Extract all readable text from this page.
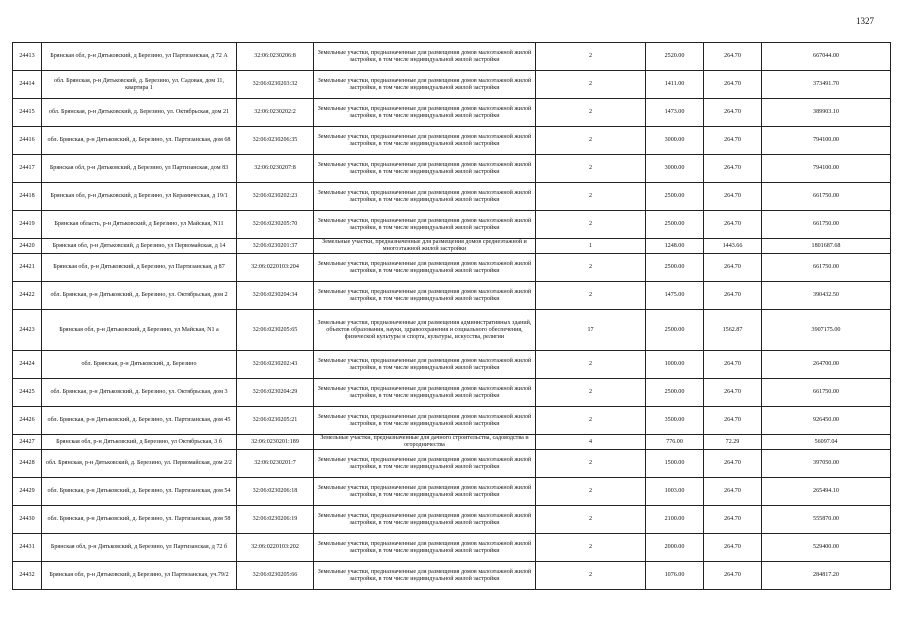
1327
24413	Брянская обл, р-н Дятьковский, д Березино, ул Партизанская, д 72 А	32:06:0230206:8	Земельные участки, предназначенные для размещения домов малоэтажной жилой застройки, в том числе индивидуальной жилой застройки	2	2520.00	264.70	667044.00
24414	обл. Брянская, р-н Дятьковский, д. Березино, ул. Садовая, дом 11, квартира 1	32:06:0230203:32	Земельные участки, предназначенные для размещения домов малоэтажной жилой застройки, в том числе индивидуальной жилой застройки	2	1411.00	264.70	373491.70
24415	обл. Брянская, р-н Дятьковский, д. Березино, ул. Октябрьская, дом 21	32:06:0230202:2	Земельные участки, предназначенные для размещения домов малоэтажной жилой застройки, в том числе индивидуальной жилой застройки	2	1473.00	264.70	389903.10
24416	обл. Брянская, р-н Дятьковский, д. Березино, ул. Партизанская, дом 68	32:06:0230206:35	Земельные участки, предназначенные для размещения домов малоэтажной жилой застройки, в том числе индивидуальной жилой застройки	2	3000.00	264.70	794100.00
24417	Брянская обл, р-н Дятьковский, д Березино, ул Партизанская, дом 83	32:06:0230207:8	Земельные участки, предназначенные для размещения домов малоэтажной жилой застройки, в том числе индивидуальной жилой застройки	2	3000.00	264.70	794100.00
24418	Брянская обл, р-н Дятьковский, д Березино, ул Керамическая, д 19/1	32:06:0230202:23	Земельные участки, предназначенные для размещения домов малоэтажной жилой застройки, в том числе индивидуальной жилой застройки	2	2500.00	264.70	661750.00
24419	Брянская область, р-н Дятьковский, д Березино, ул Майская, N11	32:06:0230205:70	Земельные участки, предназначенные для размещения домов малоэтажной жилой застройки, в том числе индивидуальной жилой застройки	2	2500.00	264.70	661750.00
24420	Брянская обл, р-н Дятьковский, д Березино, ул Первомайская, д 14	32:06:0230201:37	Земельные участки, предназначенные для размещения домов среднеэтажной и многоэтажной жилой застройки	1	1248.00	1443.66	1801687.68
24421	Брянская обл, р-н Дятьковский, д Березино, ул Партизанская, д 87	32:06:0220103:204	Земельные участки, предназначенные для размещения домов малоэтажной жилой застройки, в том числе индивидуальной жилой застройки	2	2500.00	264.70	661750.00
24422	обл. Брянская, р-н Дятьковский, д. Березино, ул. Октябрьская, дом 2	32:06:0230204:34	Земельные участки, предназначенные для размещения домов малоэтажной жилой застройки, в том числе индивидуальной жилой застройки	2	1475.00	264.70	390432.50
24423	Брянская обл, р-н Дятьковский, д Березино, ул Майская, N1 а	32:06:0230205:65	Земельные участки, предназначенные для размещения административных зданий, объектов образования, науки, здравоохранения и социального обеспечения, физической культуры и спорта, культуры, искусства, религии	17	2500.00	1562.87	3907175.00
24424	обл. Брянская, р-н Дятьковский, д. Березино	32:06:0230202:43	Земельные участки, предназначенные для размещения домов малоэтажной жилой застройки, в том числе индивидуальной жилой застройки	2	1000.00	264.70	264700.00
24425	обл. Брянская, р-н Дятьковский, д. Березино, ул. Октябрьская, дом 3	32:06:0230204:29	Земельные участки, предназначенные для размещения домов малоэтажной жилой застройки, в том числе индивидуальной жилой застройки	2	2500.00	264.70	661750.00
24426	обл. Брянская, р-н Дятьковский, д. Березино, ул. Партизанская, дом 45	32:06:0230205:21	Земельные участки, предназначенные для размещения домов малоэтажной жилой застройки, в том числе индивидуальной жилой застройки	2	3500.00	264.70	926450.00
24427	Брянская обл, р-н Дятьковский, д Березино, ул Октябрьская, 3 б	32:06:0230201:189	Земельные участки, предназначенные для дачного строительства, садоводства и огородничества	4	776.00	72.29	56097.04
24428	обл. Брянская, р-н Дятьковский, д. Березино, ул. Первомайская, дом 2/2	32:06:0230201:7	Земельные участки, предназначенные для размещения домов малоэтажной жилой застройки, в том числе индивидуальной жилой застройки	2	1500.00	264.70	397050.00
24429	обл. Брянская, р-н Дятьковский, д. Березино, ул. Партизанская, дом 54	32:06:0230206:18	Земельные участки, предназначенные для размещения домов малоэтажной жилой застройки, в том числе индивидуальной жилой застройки	2	1003.00	264.70	265494.10
24430	обл. Брянская, р-н Дятьковский, д. Березино, ул. Партизанская, дом 58	32:06:0230206:19	Земельные участки, предназначенные для размещения домов малоэтажной жилой застройки, в том числе индивидуальной жилой застройки	2	2100.00	264.70	555870.00
24431	Брянская обл, р-н Дятьковский, д Березино, ул Партизанская, д 72 б	32:06:0220103:202	Земельные участки, предназначенные для размещения домов малоэтажной жилой застройки, в том числе индивидуальной жилой застройки	2	2000.00	264.70	529400.00
24432	Брянская обл, р-н Дятьковский, д Березино, ул Партизанская, уч.79/2	32:06:0230205:66	Земельные участки, предназначенные для размещения домов малоэтажной жилой застройки, в том числе индивидуальной жилой застройки	2	1076.00	264.70	284817.20
